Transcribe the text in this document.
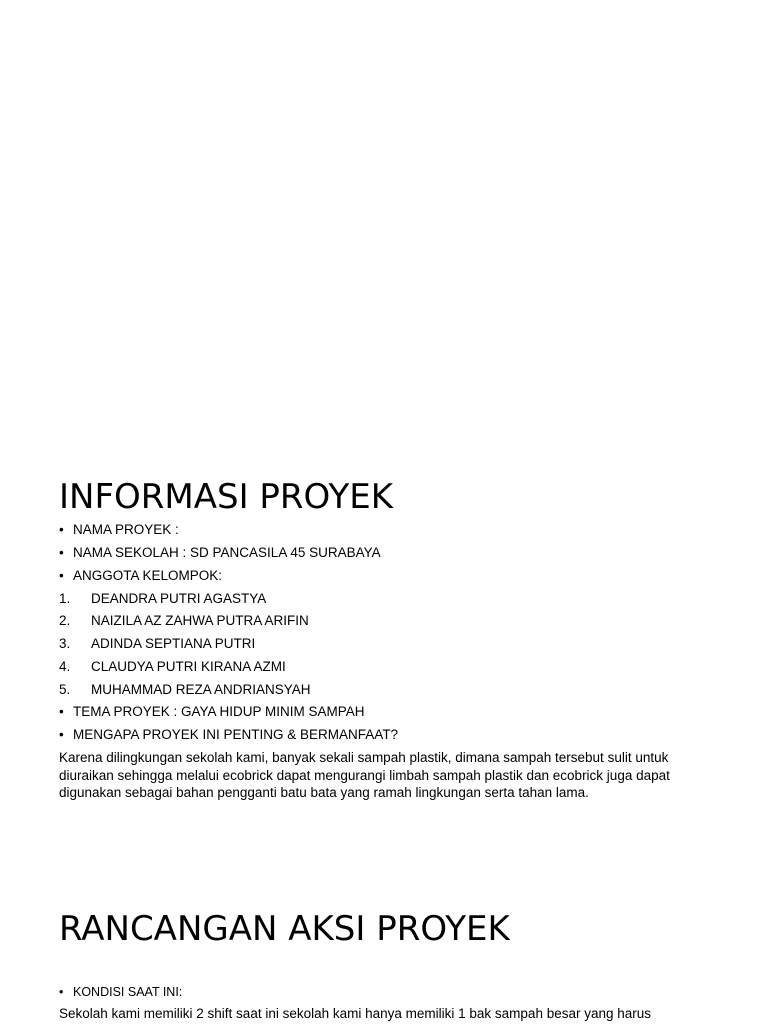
INFORMASI PROYEK
• NAMA PROYEK :
• NAMA SEKOLAH : SD PANCASILA 45 SURABAYA
• ANGGOTA KELOMPOK:
1. DEANDRA PUTRI AGASTYA
2. NAIZILA AZ ZAHWA PUTRA ARIFIN
3. ADINDA SEPTIANA PUTRI
4. CLAUDYA PUTRI KIRANA AZMI
5. MUHAMMAD REZA ANDRIANSYAH
• TEMA PROYEK : GAYA HIDUP MINIM SAMPAH
• MENGAPA PROYEK INI PENTING & BERMANFAAT?
Karena dilingkungan sekolah kami, banyak sekali sampah plastik, dimana sampah tersebut sulit untuk diuraikan sehingga melalui ecobrick dapat mengurangi limbah sampah plastik dan ecobrick juga dapat digunakan sebagai bahan pengganti batu bata yang ramah lingkungan serta tahan lama.
RANCANGAN AKSI PROYEK
• KONDISI SAAT INI:
Sekolah kami memiliki 2 shift saat ini sekolah kami hanya memiliki 1 bak sampah besar yang harus
